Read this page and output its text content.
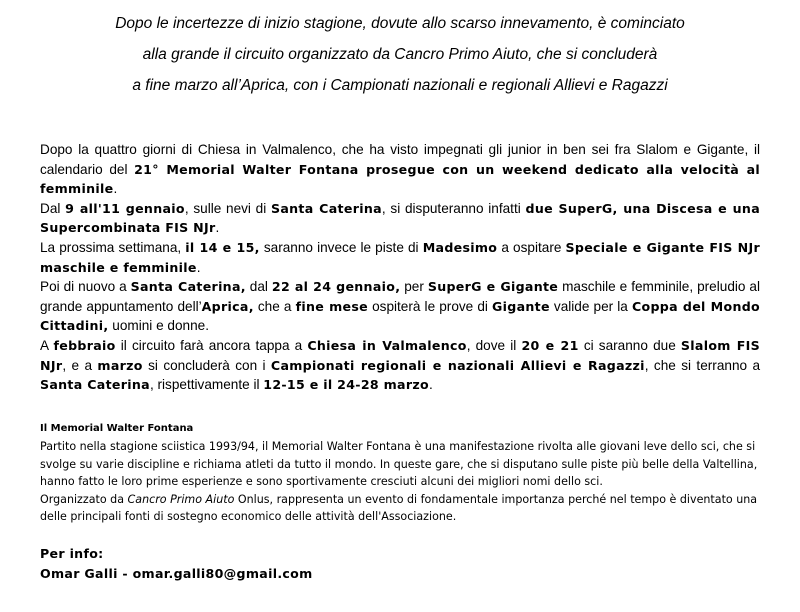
Dopo le incertezze di inizio stagione, dovute allo scarso innevamento, è cominciato

alla grande il circuito organizzato da Cancro Primo Aiuto, che si concluderà

a fine marzo all’Aprica, con i Campionati nazionali e regionali Allievi e Ragazzi

Dopo la quattro giorni di Chiesa in Valmalenco, che ha visto impegnati gli junior in ben sei fra Slalom e Gigante, il calendario del 21° Memorial Walter Fontana prosegue con un weekend dedicato alla velocità al femminile.

Dal 9 all'11 gennaio, sulle nevi di Santa Caterina, si disputeranno infatti due SuperG, una Discesa e una Supercombinata FIS NJr.

La prossima settimana, il 14 e 15, saranno invece le piste di Madesimo a ospitare Speciale e Gigante FIS NJr maschile e femminile.

Poi di nuovo a Santa Caterina, dal 22 al 24 gennaio, per SuperG e Gigante maschile e femminile, preludio al grande appuntamento dell’Aprica, che a fine mese ospiterà le prove di Gigante valide per la Coppa del Mondo Cittadini, uomini e donne.

A febbraio il circuito farà ancora tappa a Chiesa in Valmalenco, dove il 20 e 21 ci saranno due Slalom FIS NJr, e a marzo si concluderà con i Campionati regionali e nazionali Allievi e Ragazzi, che si terranno a Santa Caterina, rispettivamente il 12-15 e il 24-28 marzo.

Il Memorial Walter Fontana

Partito nella stagione sciistica 1993/94, il Memorial Walter Fontana è una manifestazione rivolta alle giovani leve dello sci, che si svolge su varie discipline e richiama atleti da tutto il mondo. In queste gare, che si disputano sulle piste più belle della Valtellina, hanno fatto le loro prime esperienze e sono sportivamente cresciuti alcuni dei migliori nomi dello sci.

Organizzato da Cancro Primo Aiuto Onlus, rappresenta un evento di fondamentale importanza perché nel tempo è diventato una delle principali fonti di sostegno economico delle attività dell'Associazione.

Per info:

Omar Galli - omar.galli80@gmail.com
